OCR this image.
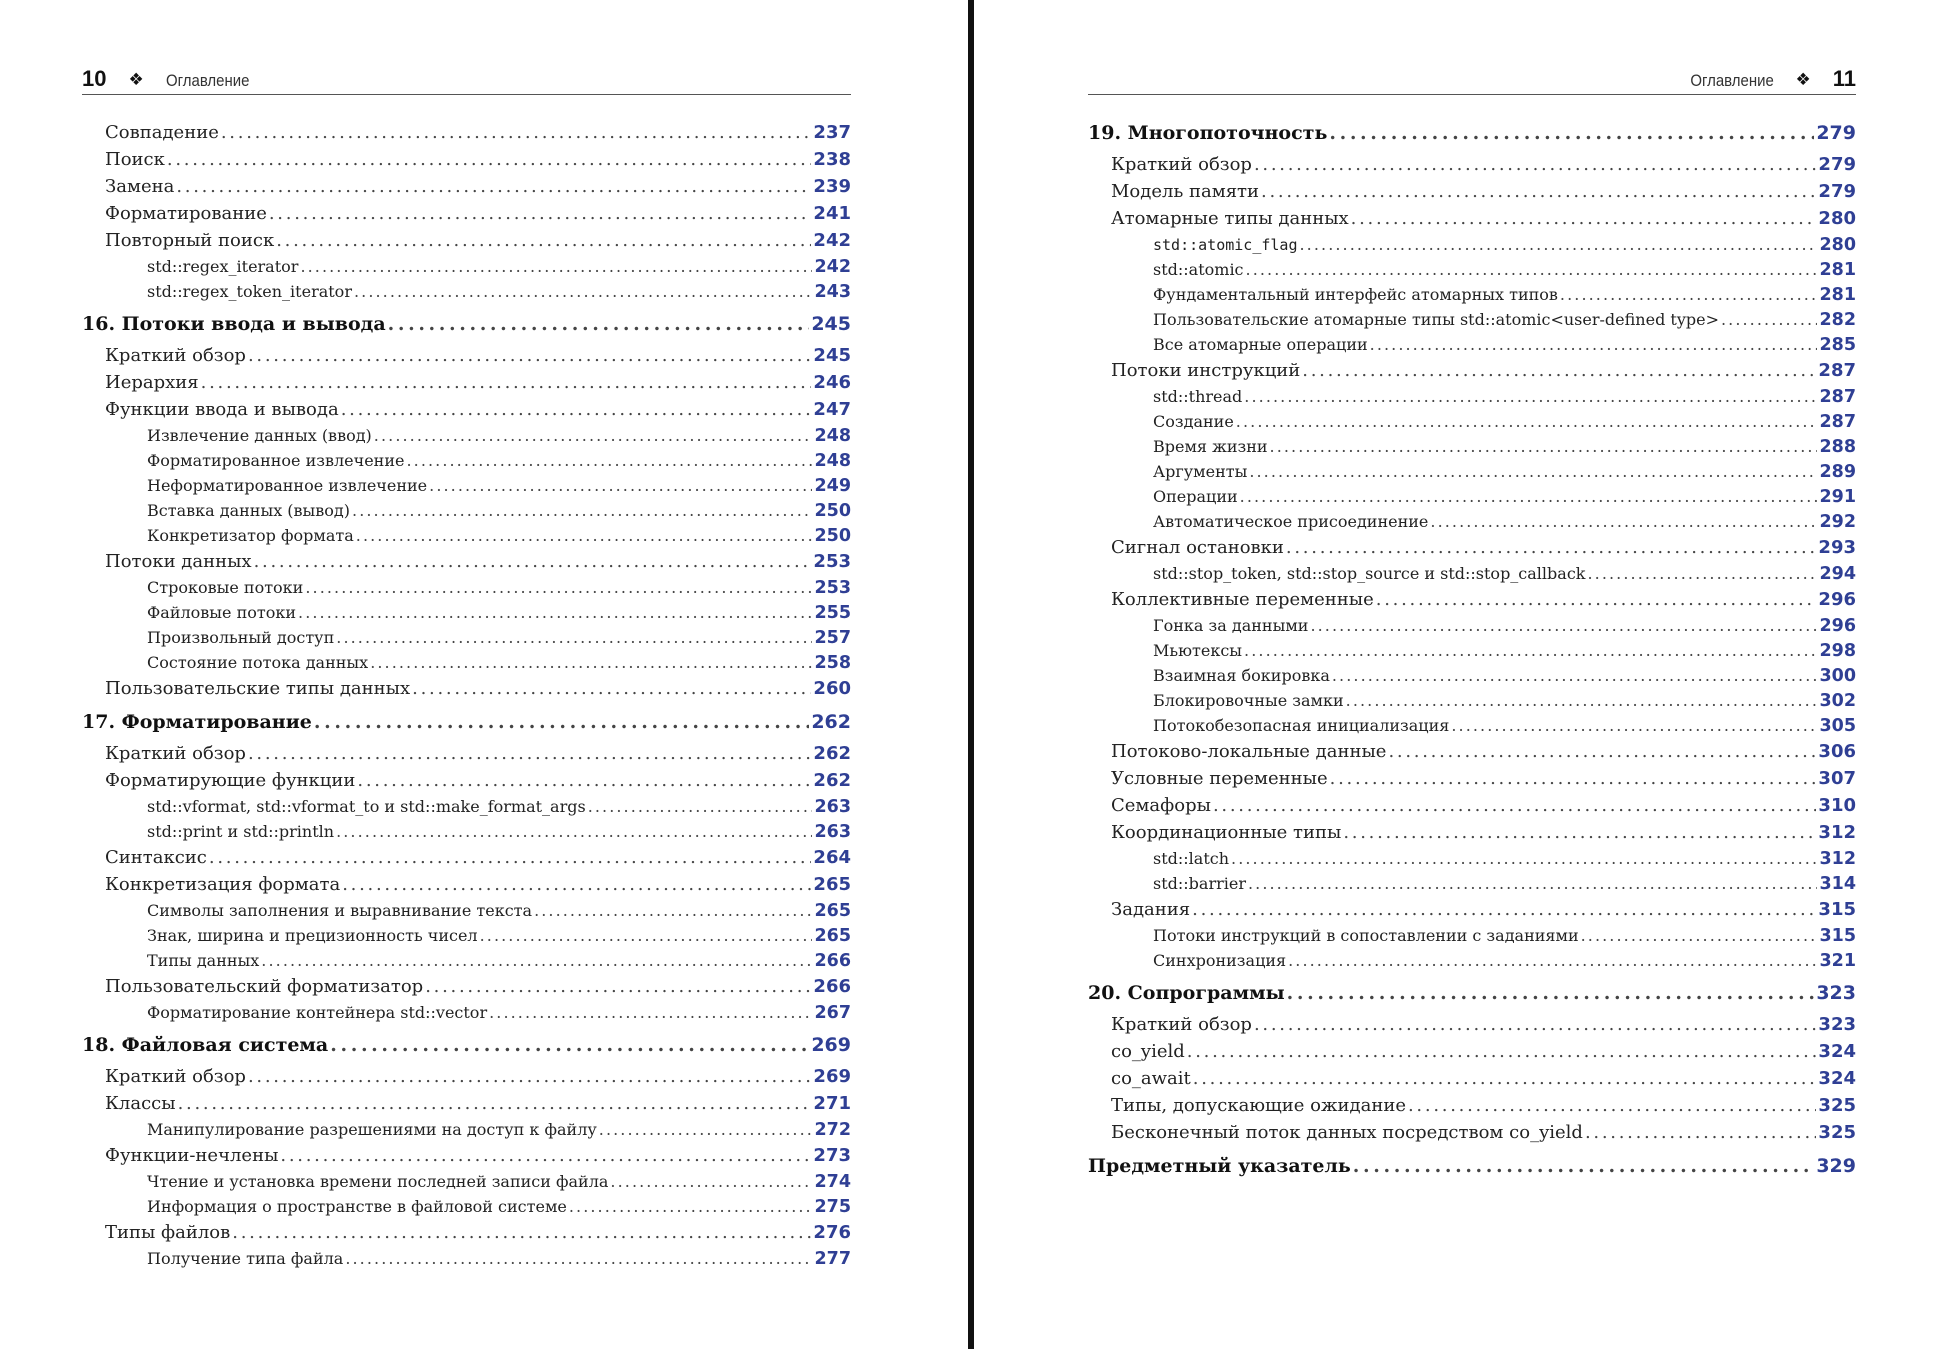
10 ❖ Оглавление
Совпадение . . .	237
Поиск . . .	238
Замена . . .	239
Форматирование . . .	241
Повторный поиск . . .	242
std::regex_iterator . . .	242
std::regex_token_iterator . . .	243
16. Потоки ввода и вывода . . .	245
Краткий обзор . . .	245
Иерархия . . .	246
Функции ввода и вывода . . .	247
Извлечение данных (ввод) . . .	248
Форматированное извлечение . . .	248
Неформатированное извлечение . . .	249
Вставка данных (вывод) . . .	250
Конкретизатор формата . . .	250
Потоки данных . . .	253
Строковые потоки . . .	253
Файловые потоки . . .	255
Произвольный доступ . . .	257
Состояние потока данных . . .	258
Пользовательские типы данных . . .	260
17. Форматирование . . .	262
Краткий обзор . . .	262
Форматирующие функции . . .	262
std::vformat, std::vformat_to и std::make_format_args . . .	263
std::print и std::println . . .	263
Синтаксис . . .	264
Конкретизация формата . . .	265
Символы заполнения и выравнивание текста . . .	265
Знак, ширина и прецизионность чисел . . .	265
Типы данных . . .	266
Пользовательский форматизатор . . .	266
Форматирование контейнера std::vector . . .	267
18. Файловая система . . .	269
Краткий обзор . . .	269
Классы . . .	271
Манипулирование разрешениями на доступ к файлу . . .	272
Функции-нечлены . . .	273
Чтение и установка времени последней записи файла . . .	274
Информация о пространстве в файловой системе . . .	275
Типы файлов . . .	276
Получение типа файла . . .	277
Оглавление ❖ 11
19. Многопоточность . . .	279
Краткий обзор . . .	279
Модель памяти . . .	279
Атомарные типы данных . . .	280
std::atomic_flag . . .	280
std::atomic . . .	281
Фундаментальный интерфейс атомарных типов . . .	281
Пользовательские атомарные типы std::atomic<user-defined type> . . .	282
Все атомарные операции . . .	285
Потоки инструкций . . .	287
std::thread . . .	287
Создание . . .	287
Время жизни . . .	288
Аргументы . . .	289
Операции . . .	291
Автоматическое присоединение . . .	292
Сигнал остановки . . .	293
std::stop_token, std::stop_source и std::stop_callback . . .	294
Коллективные переменные . . .	296
Гонка за данными . . .	296
Мьютексы . . .	298
Взаимная бокировка . . .	300
Блокировочные замки . . .	302
Потокобезопасная инициализация . . .	305
Потоково-локальные данные . . .	306
Условные переменные . . .	307
Семафоры . . .	310
Координационные типы . . .	312
std::latch . . .	312
std::barrier . . .	314
Задания . . .	315
Потоки инструкций в сопоставлении с заданиями . . .	315
Синхронизация . . .	321
20. Сопрограммы . . .	323
Краткий обзор . . .	323
co_yield . . .	324
co_await . . .	324
Типы, допускающие ожидание . . .	325
Бесконечный поток данных посредством co_yield . . .	325
Предметный указатель . . .	329
